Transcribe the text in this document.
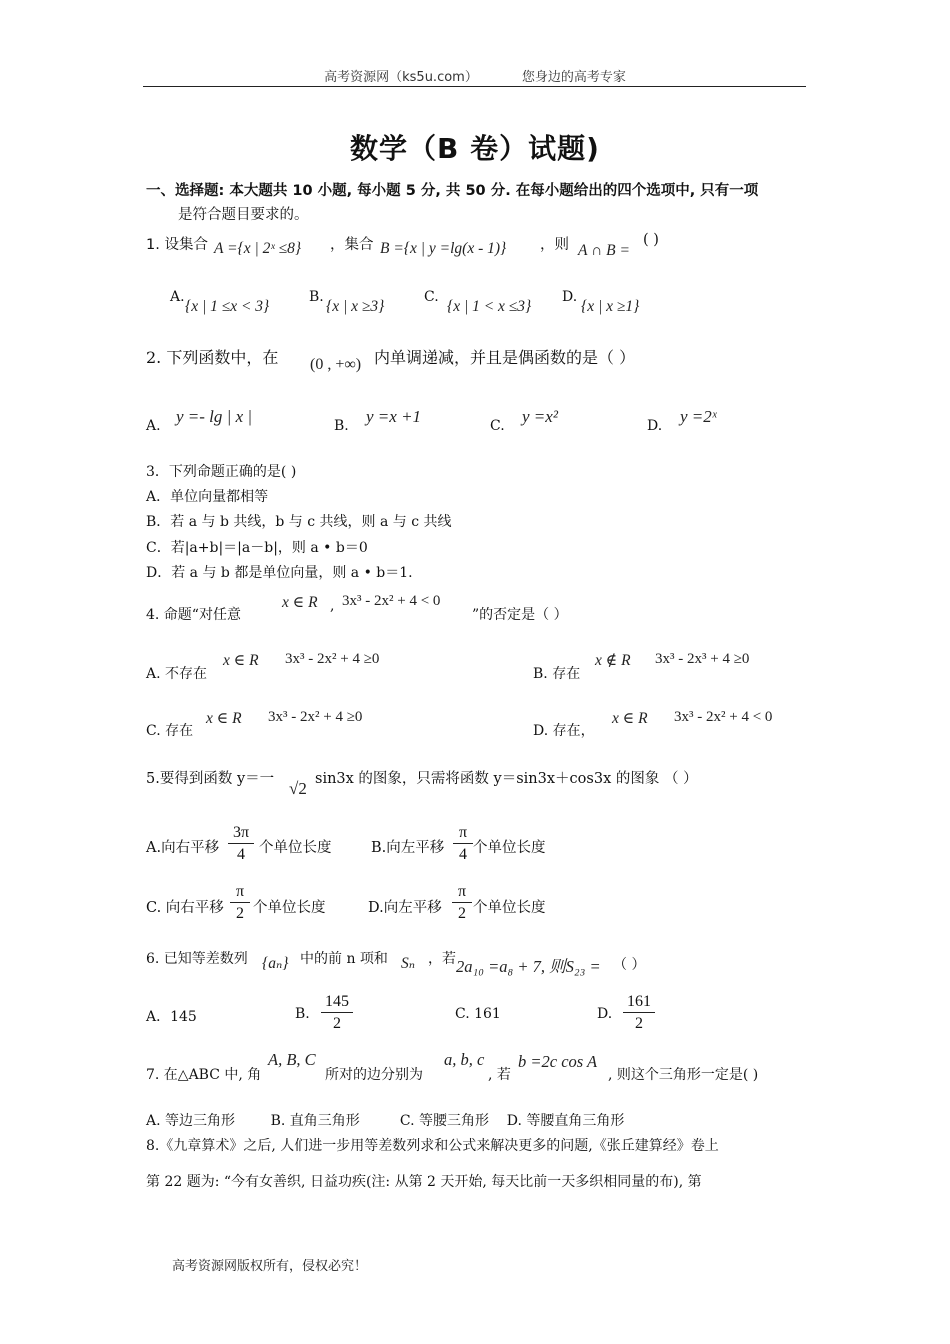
高考资源网（ks5u.com）	您身边的高考专家
数学（B 卷）试题)
一、选择题: 本大题共 10 小题, 每小题 5 分, 共 50 分. 在每小题给出的四个选项中, 只有一项
是符合题目要求的。
1. 设集合 A ={x | 2ˣ ≤8} ，集合 B ={x | y =lg(x - 1)} ，则 A ∩ B =
( )
A.
{x | 1 ≤x < 3}
B.
{x | x ≥3}
C.
{x | 1 < x ≤3}
D.
{x | x ≥1}
2. 下列函数中，在 (0 , +∞) 内单调递减，并且是偶函数的是（ ）
A. y =- lg | x |	B. y =x +1	C. y =x²	D. y =2ˣ
3．下列命题正确的是( )
A．单位向量都相等
B．若 a 与 b 共线，b 与 c 共线，则 a 与 c 共线
C．若|a+b|＝|a－b|，则 a • b＝0
D．若 a 与 b 都是单位向量，则 a • b＝1.
4. 命题“对任意
x ∈ R , 3x³ - 2x² + 4 < 0
”的否定是（ ）
A. 不存在
x ∈ R 3x³ - 2x² + 4 ≥0
B. 存在
x ∉ R 3x³ - 2x³ + 4 ≥0
C. 存在
x ∈ R 3x³ - 2x² + 4 ≥0
D. 存在，
x ∈ R 3x³ - 2x² + 4 < 0
5.要得到函数 y＝一 √2 sin3x 的图象，只需将函数 y＝sin3x＋cos3x 的图象 （ ）
A.向右平移 $\frac{3\pi}{4}$ 个单位长度	B.向左平移 $\frac{\pi}{4}$ 个单位长度
C. 向右平移 $\frac{\pi}{2}$ 个单位长度	D.向左平移 $\frac{\pi}{2}$ 个单位长度
6. 已知等差数列 {aₙ} 中的前 n 项和 Sₙ ，若 2a₁₀ =a₈ + 7, 则S₂₃ = （ ）
A．145	B. $\frac{145}{2}$	C. 161	D. $\frac{161}{2}$
7. 在△ABC 中, 角
A, B, C
所对的边分别为
a, b, c
, 若
b =2c cos A
, 则这个三角形一定是( )
A. 等边三角形        B. 直角三角形         C. 等腰三角形    D. 等腰直角三角形
8.《九章算术》之后, 人们进一步用等差数列求和公式来解决更多的问题,《张丘建算经》卷上
第 22 题为: “今有女善织, 日益功疾(注: 从第 2 天开始, 每天比前一天多织相同量的布), 第
高考资源网版权所有，侵权必究！
